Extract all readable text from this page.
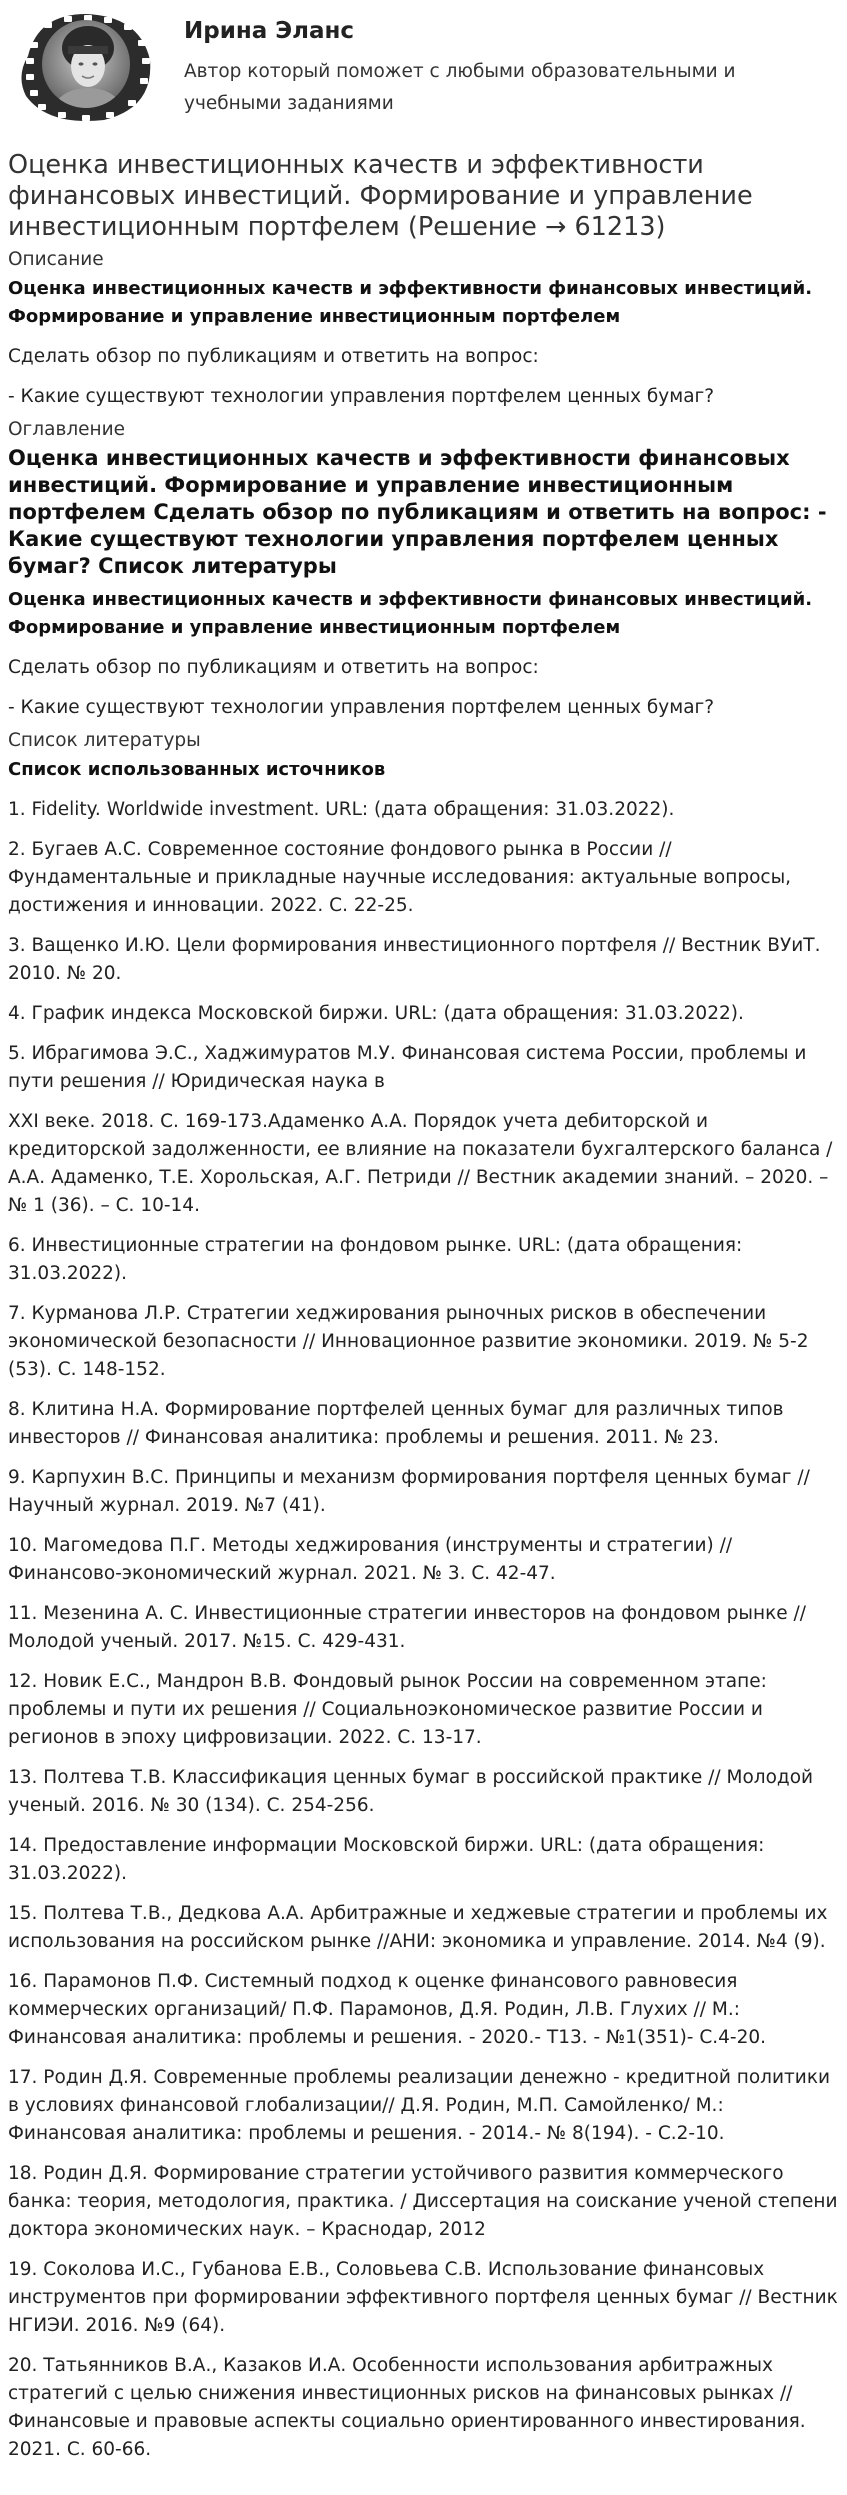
Ирина Эланс
Автор который поможет с любыми образовательными и учебными заданиями
Оценка инвестиционных качеств и эффективности финансовых инвестиций. Формирование и управление инвестиционным портфелем (Решение → 61213)
Описание

Оценка инвестиционных качеств и эффективности финансовых инвестиций. Формирование и управление инвестиционным портфелем

Сделать обзор по публикациям и ответить на вопрос:

- Какие существуют технологии управления портфелем ценных бумаг?

Оглавление

Оценка инвестиционных качеств и эффективности финансовых инвестиций. Формирование и управление инвестиционным портфелем Сделать обзор по публикациям и ответить на вопрос: - Какие существуют технологии управления портфелем ценных бумаг? Список литературы

Оценка инвестиционных качеств и эффективности финансовых инвестиций. Формирование и управление инвестиционным портфелем

Сделать обзор по публикациям и ответить на вопрос:

- Какие существуют технологии управления портфелем ценных бумаг?

Список литературы

Список использованных источников

1. Fidelity. Worldwide investment. URL: (дата обращения: 31.03.2022).

2. Бугаев А.С. Современное состояние фондового рынка в России // Фундаментальные и прикладные научные исследования: актуальные вопросы, достижения и инновации. 2022. С. 22-25.

3. Ващенко И.Ю. Цели формирования инвестиционного портфеля // Вестник ВУиТ. 2010. № 20.

4. График индекса Московской биржи. URL: (дата обращения: 31.03.2022).

5. Ибрагимова Э.С., Хаджимуратов М.У. Финансовая система России, проблемы и пути решения // Юридическая наука в

XXI веке. 2018. С. 169-173.Адаменко А.А. Порядок учета дебиторской и кредиторской задолженности, ее влияние на показатели бухгалтерского баланса / А.А. Адаменко, Т.Е. Хорольская, А.Г. Петриди // Вестник академии знаний. – 2020. –№ 1 (36). – С. 10-14.

6. Инвестиционные стратегии на фондовом рынке. URL: (дата обращения: 31.03.2022).

7. Курманова Л.Р. Стратегии хеджирования рыночных рисков в обеспечении экономической безопасности // Инновационное развитие экономики. 2019. № 5-2 (53). С. 148-152.

8. Клитина Н.А. Формирование портфелей ценных бумаг для различных типов инвесторов // Финансовая аналитика: проблемы и решения. 2011. № 23.

9. Карпухин В.С. Принципы и механизм формирования портфеля ценных бумаг // Научный журнал. 2019. №7 (41).

10. Магомедова П.Г. Методы хеджирования (инструменты и стратегии) // Финансово-экономический журнал. 2021. № 3. С. 42-47.

11. Мезенина А. С. Инвестиционные стратегии инвесторов на фондовом рынке // Молодой ученый. 2017. №15. С. 429-431.

12. Новик Е.С., Мандрон В.В. Фондовый рынок России на современном этапе: проблемы и пути их решения // Социальноэкономическое развитие России и регионов в эпоху цифровизации. 2022. С. 13-17.

13. Полтева Т.В. Классификация ценных бумаг в российской практике // Молодой ученый. 2016. № 30 (134). С. 254-256.

14. Предоставление информации Московской биржи. URL: (дата обращения: 31.03.2022).

15. Полтева Т.В., Дедкова А.А. Арбитражные и хеджевые стратегии и проблемы их использования на российском рынке //АНИ: экономика и управление. 2014. №4 (9).

16. Парамонов П.Ф. Системный подход к оценке финансового равновесия коммерческих организаций/ П.Ф. Парамонов, Д.Я. Родин, Л.В. Глухих // М.: Финансовая аналитика: проблемы и решения. - 2020.- Т13. - №1(351)- С.4-20.

17. Родин Д.Я. Современные проблемы реализации денежно - кредитной политики в условиях финансовой глобализации// Д.Я. Родин, М.П. Самойленко/ М.: Финансовая аналитика: проблемы и решения. - 2014.- № 8(194). - С.2-10.

18. Родин Д.Я. Формирование стратегии устойчивого развития коммерческого банка: теория, методология, практика. / Диссертация на соискание ученой степени доктора экономических наук. – Краснодар, 2012

19. Соколова И.С., Губанова Е.В., Соловьева С.В. Использование финансовых инструментов при формировании эффективного портфеля ценных бумаг // Вестник НГИЭИ. 2016. №9 (64).

20. Татьянников В.А., Казаков И.А. Особенности использования арбитражных стратегий с целью снижения инвестиционных рисков на финансовых рынках // Финансовые и правовые аспекты социально ориентированного инвестирования. 2021. С. 60-66.
